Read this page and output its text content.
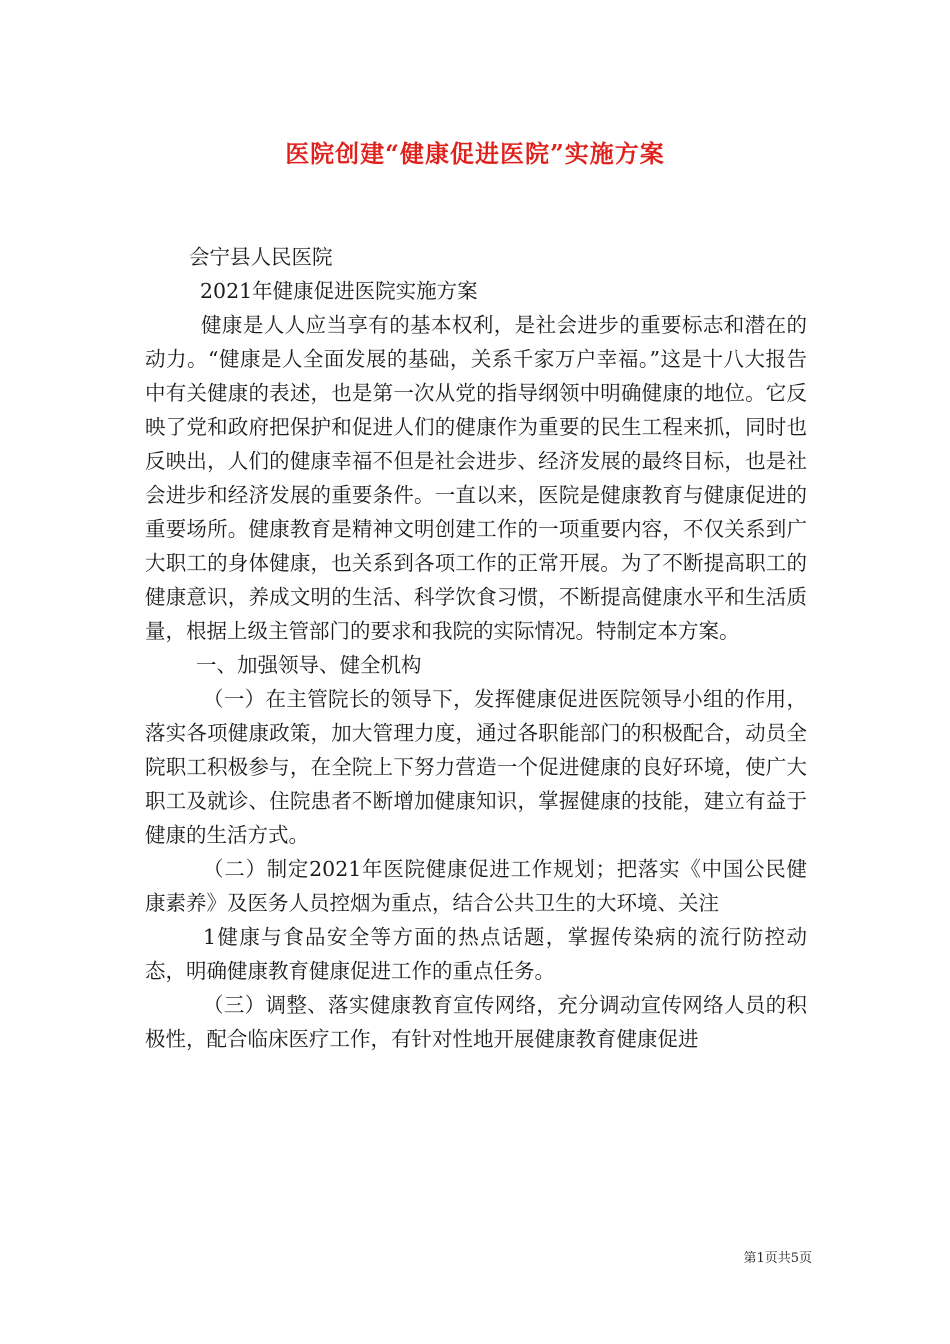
医院创建“健康促进医院”实施方案

会宁县人民医院

2021年健康促进医院实施方案

健康是人人应当享有的基本权利，是社会进步的重要标志和潜在的动力。“健康是人全面发展的基础，关系千家万户幸福。”这是十八大报告中有关健康的表述，也是第一次从党的指导纲领中明确健康的地位。它反映了党和政府把保护和促进人们的健康作为重要的民生工程来抓，同时也反映出，人们的健康幸福不但是社会进步、经济发展的最终目标，也是社会进步和经济发展的重要条件。一直以来，医院是健康教育与健康促进的重要场所。健康教育是精神文明创建工作的一项重要内容，不仅关系到广大职工的身体健康，也关系到各项工作的正常开展。为了不断提高职工的健康意识，养成文明的生活、科学饮食习惯，不断提高健康水平和生活质量，根据上级主管部门的要求和我院的实际情况。特制定本方案。

一、加强领导、健全机构

（一）在主管院长的领导下，发挥健康促进医院领导小组的作用，落实各项健康政策，加大管理力度，通过各职能部门的积极配合，动员全院职工积极参与，在全院上下努力营造一个促进健康的良好环境，使广大职工及就诊、住院患者不断增加健康知识，掌握健康的技能，建立有益于健康的生活方式。

（二）制定2021年医院健康促进工作规划；把落实《中国公民健康素养》及医务人员控烟为重点，结合公共卫生的大环境、关注

1健康与食品安全等方面的热点话题，掌握传染病的流行防控动态，明确健康教育健康促进工作的重点任务。

（三）调整、落实健康教育宣传网络，充分调动宣传网络人员的积极性，配合临床医疗工作，有针对性地开展健康教育健康促进

第1页共5页
